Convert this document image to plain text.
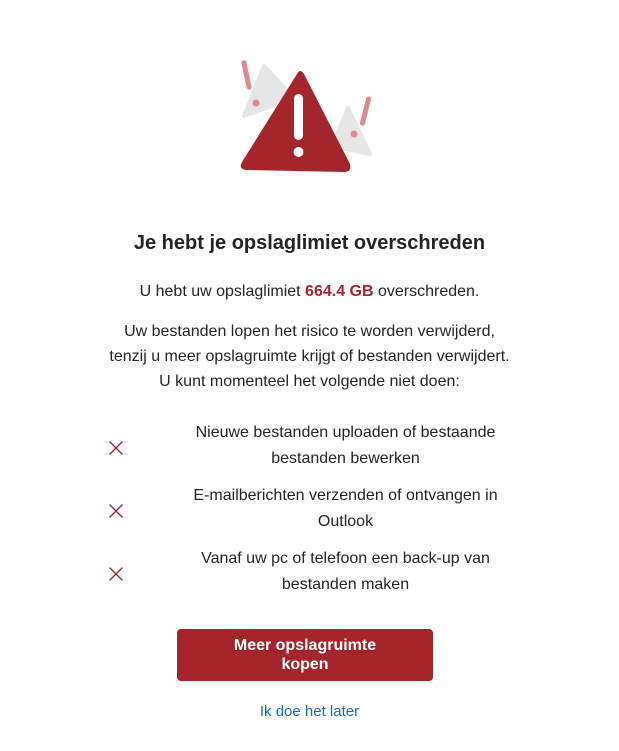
Je hebt je opslaglimiet overschreden
U hebt uw opslaglimiet 664.4 GB overschreden.
Uw bestanden lopen het risico te worden verwijderd,
tenzij u meer opslagruimte krijgt of bestanden verwijdert.
U kunt momenteel het volgende niet doen:
Nieuwe bestanden uploaden of bestaande
bestanden bewerken
E-mailberichten verzenden of ontvangen in
Outlook
Vanaf uw pc of telefoon een back-up van
bestanden maken
Meer opslagruimte
kopen
Ik doe het later
